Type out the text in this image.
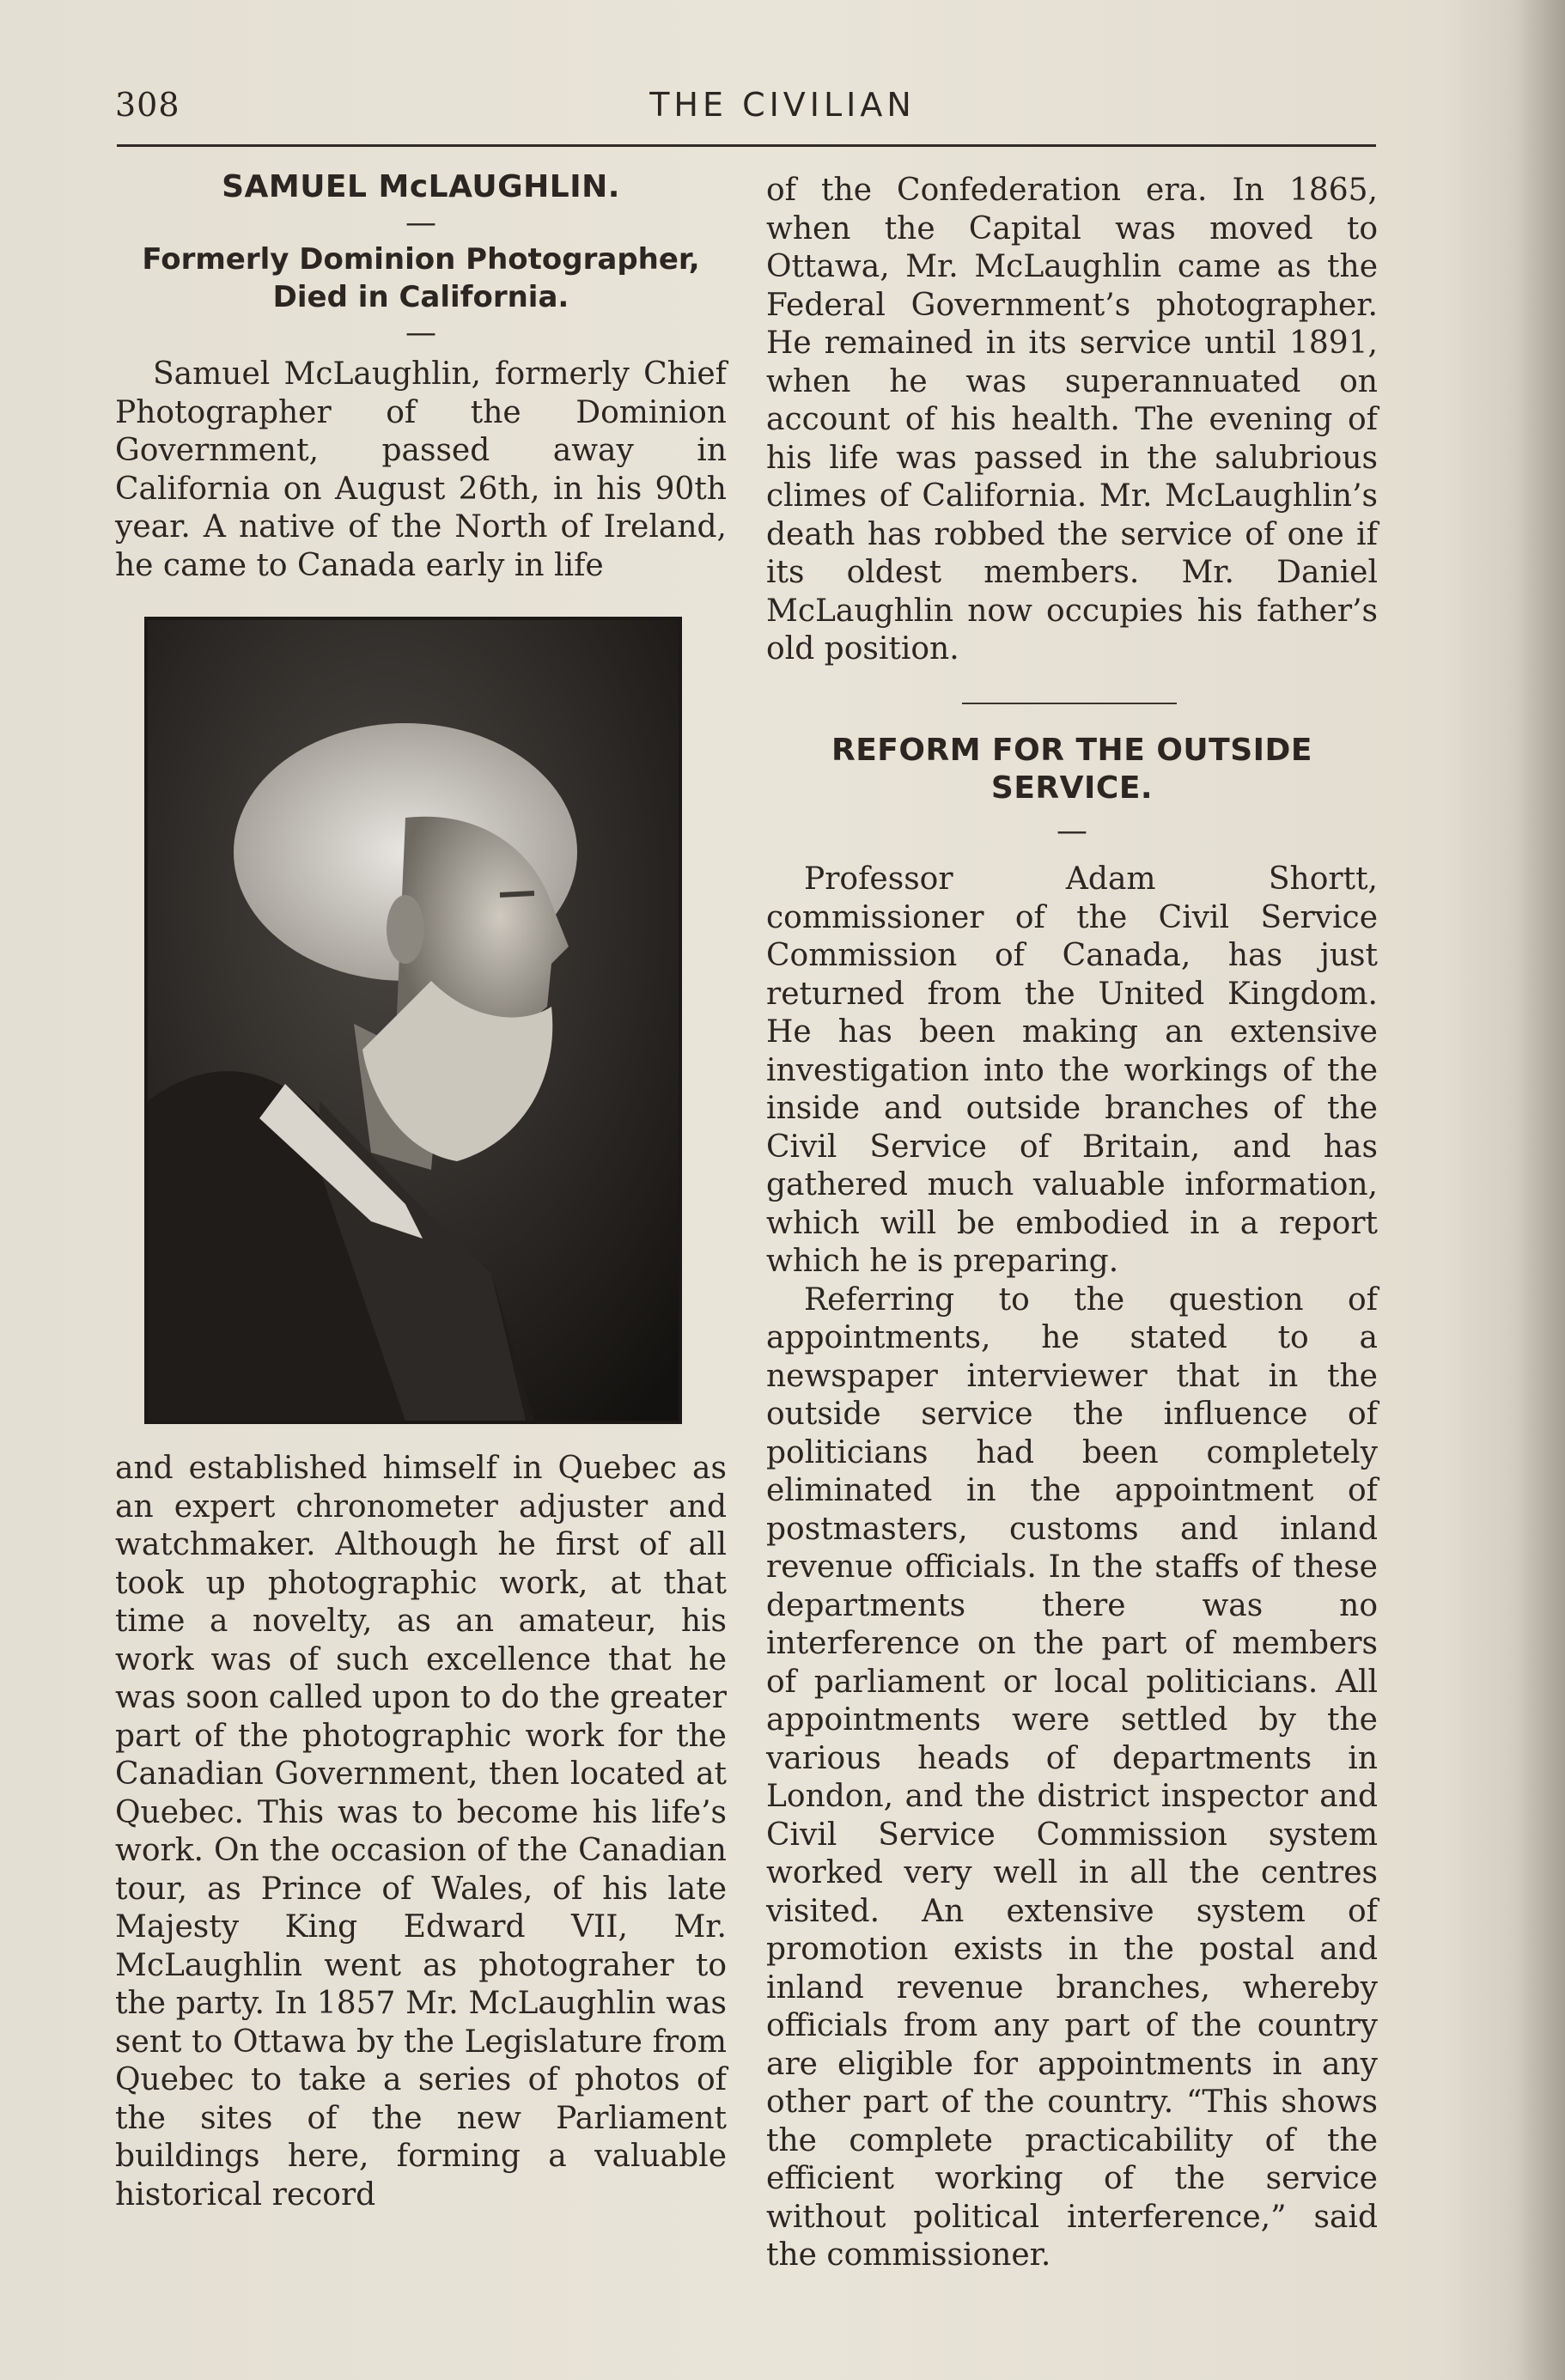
308	THE CIVILIAN
SAMUEL McLAUGHLIN.
—
Formerly Dominion Photographer, Died in California.
—

Samuel McLaughlin, formerly Chief Photographer of the Dominion Government, passed away in California on August 26th, in his 90th year. A native of the North of Ireland, he came to Canada early in life

and established himself in Quebec as an expert chronometer adjuster and watchmaker. Although he first of all took up photographic work, at that time a novelty, as an amateur, his work was of such excellence that he was soon called upon to do the greater part of the photographic work for the Canadian Government, then located at Quebec. This was to become his life’s work. On the occasion of the Canadian tour, as Prince of Wales, of his late Majesty King Edward VII, Mr. McLaughlin went as photograher to the party. In 1857 Mr. McLaughlin was sent to Ottawa by the Legislature from Quebec to take a series of photos of the sites of the new Parliament buildings here, forming a valuable historical record

of the Confederation era. In 1865, when the Capital was moved to Ottawa, Mr. McLaughlin came as the Federal Government’s photographer. He remained in its service until 1891, when he was superannuated on account of his health. The evening of his life was passed in the salubrious climes of California. Mr. McLaughlin’s death has robbed the service of one if its oldest members. Mr. Daniel McLaughlin now occupies his father’s old position.

REFORM FOR THE OUTSIDE SERVICE.
—

Professor Adam Shortt, commissioner of the Civil Service Commission of Canada, has just returned from the United Kingdom. He has been making an extensive investigation into the workings of the inside and outside branches of the Civil Service of Britain, and has gathered much valuable information, which will be embodied in a report which he is preparing.

Referring to the question of appointments, he stated to a newspaper interviewer that in the outside service the influence of politicians had been completely eliminated in the appointment of postmasters, customs and inland revenue officials. In the staffs of these departments there was no interference on the part of members of parliament or local politicians. All appointments were settled by the various heads of departments in London, and the district inspector and Civil Service Commission system worked very well in all the centres visited. An extensive system of promotion exists in the postal and inland revenue branches, whereby officials from any part of the country are eligible for appointments in any other part of the country. “This shows the complete practicability of the efficient working of the service without political interference,” said the commissioner.
